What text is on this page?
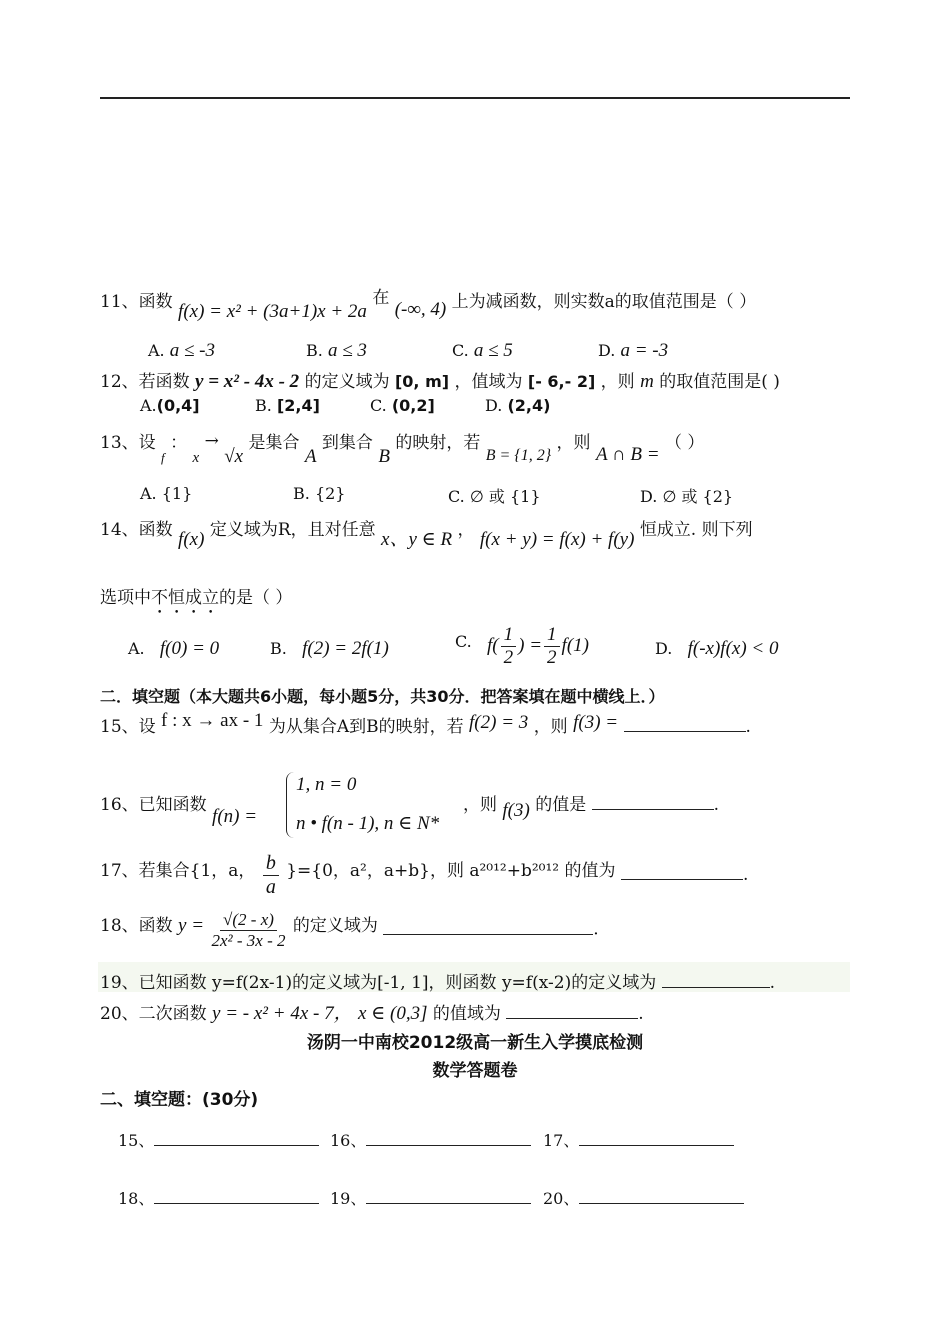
11、函数 f(x) = x² + (3a+1)x + 2a 在 (-∞, 4) 上为减函数，则实数a的取值范围是（ ）
A. a ≤ -3	B. a ≤ 3	C. a ≤ 5	D. a = -3
12、若函数 y = x² - 4x - 2 的定义域为 [0, m] ，值域为 [- 6,- 2] ，则 m 的取值范围是( )
A.(0,4]	B. [2,4]	C. (0,2]	D. (2,4)
13、设 $_f$ ： x → √x 是集合 A 到集合 B 的映射，若 B = {1, 2} ，则 A ∩ B = （ ）
A. {1}	B. {2}	C. ∅ 或 {1}	D. ∅ 或 {2}
14、函数 f(x) 定义域为R，且对任意 x、y ∈ R ， f(x + y) = f(x) + f(y) 恒成立. 则下列
选项中不恒成立的是（ ）
A. f(0) = 0	B. f(2) = 2f(1)	C. $f( \frac{1}{2}$ ) = $\frac{1}{2} f(1)$	D. f(-x)f(x) < 0
二．填空题（本大题共6小题，每小题5分，共30分．把答案填在题中横线上．）
15、设 f : x → ax - 1 为从集合A到B的映射，若 f(2) = 3 ，则 f(3) =	.
16、已知函数 f(n) =
1, n = 0
n • f(n - 1), n ∈ N*
，则 f(3) 的值是	.
17、若集合{1，a， $\frac{b}{a} \}=\{0$，a²，a+b}，则 a²⁰¹²+b²⁰¹² 的值为	.
18、函数 $y = \frac{√(2 - x)}{\text{2x² - 3x - 2}}$ 的定义域为	.
19、已知函数 y=f(2x-1)的定义域为[-1, 1]，则函数 y=f(x-2)的定义域为	.
20、二次函数 y = - x² + 4x - 7， x ∈ (0,3] 的值域为	.
汤阴一中南校2012级高一新生入学摸底检测
数学答题卷
二、填空题：(30分)
15、	16、	17、
18、	19、	20、
